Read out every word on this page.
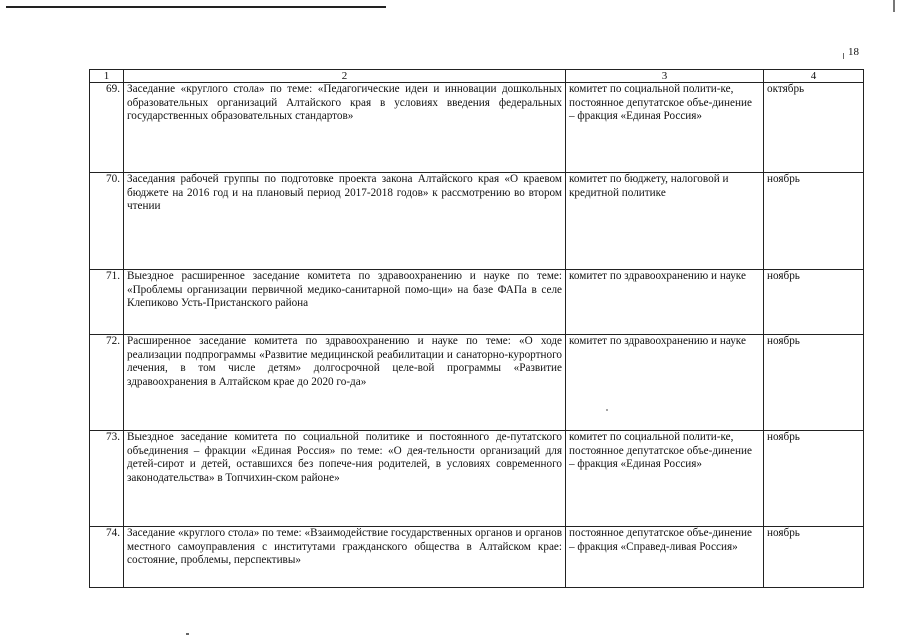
18
1	2	3	4
69.	Заседание «круглого стола» по теме: «Педагогические идеи и инновации дошкольных образовательных организаций Алтайского края в условиях введения федеральных государственных образовательных стандартов»	комитет по социальной полити-ке,
постоянное депутатское объе-динение – фракция «Единая Россия»	октябрь
70.	Заседания рабочей группы по подготовке проекта закона Алтайского края «О краевом бюджете на 2016 год и на плановый период 2017-2018 годов» к рассмотрению во втором чтении	комитет по бюджету, налоговой и кредитной политике	ноябрь
71.	Выездное расширенное заседание комитета по здравоохранению и науке по теме: «Проблемы организации первичной медико-санитарной помо-щи» на базе ФАПа в селе Клепиково Усть-Пристанского района	комитет по здравоохранению и науке	ноябрь
72.	Расширенное заседание комитета по здравоохранению и науке по теме: «О ходе реализации подпрограммы «Развитие медицинской реабилитации и санаторно-курортного лечения, в том числе детям» долгосрочной целе-вой программы «Развитие здравоохранения в Алтайском крае до 2020 го-да»	комитет по здравоохранению и науке	ноябрь
73.	Выездное заседание комитета по социальной политике и постоянного де-путатского объединения – фракции «Единая Россия» по теме: «О дея-тельности организаций для детей-сирот и детей, оставшихся без попече-ния родителей, в условиях современного законодательства» в Топчихин-ском районе»	комитет по социальной полити-ке,
постоянное депутатское объе-динение – фракция «Единая Россия»	ноябрь
74.	Заседание «круглого стола» по теме: «Взаимодействие государственных органов и органов местного самоуправления с институтами гражданского общества в Алтайском крае: состояние, проблемы, перспективы»	постоянное депутатское объе-динение – фракция «Справед-ливая Россия»	ноябрь
